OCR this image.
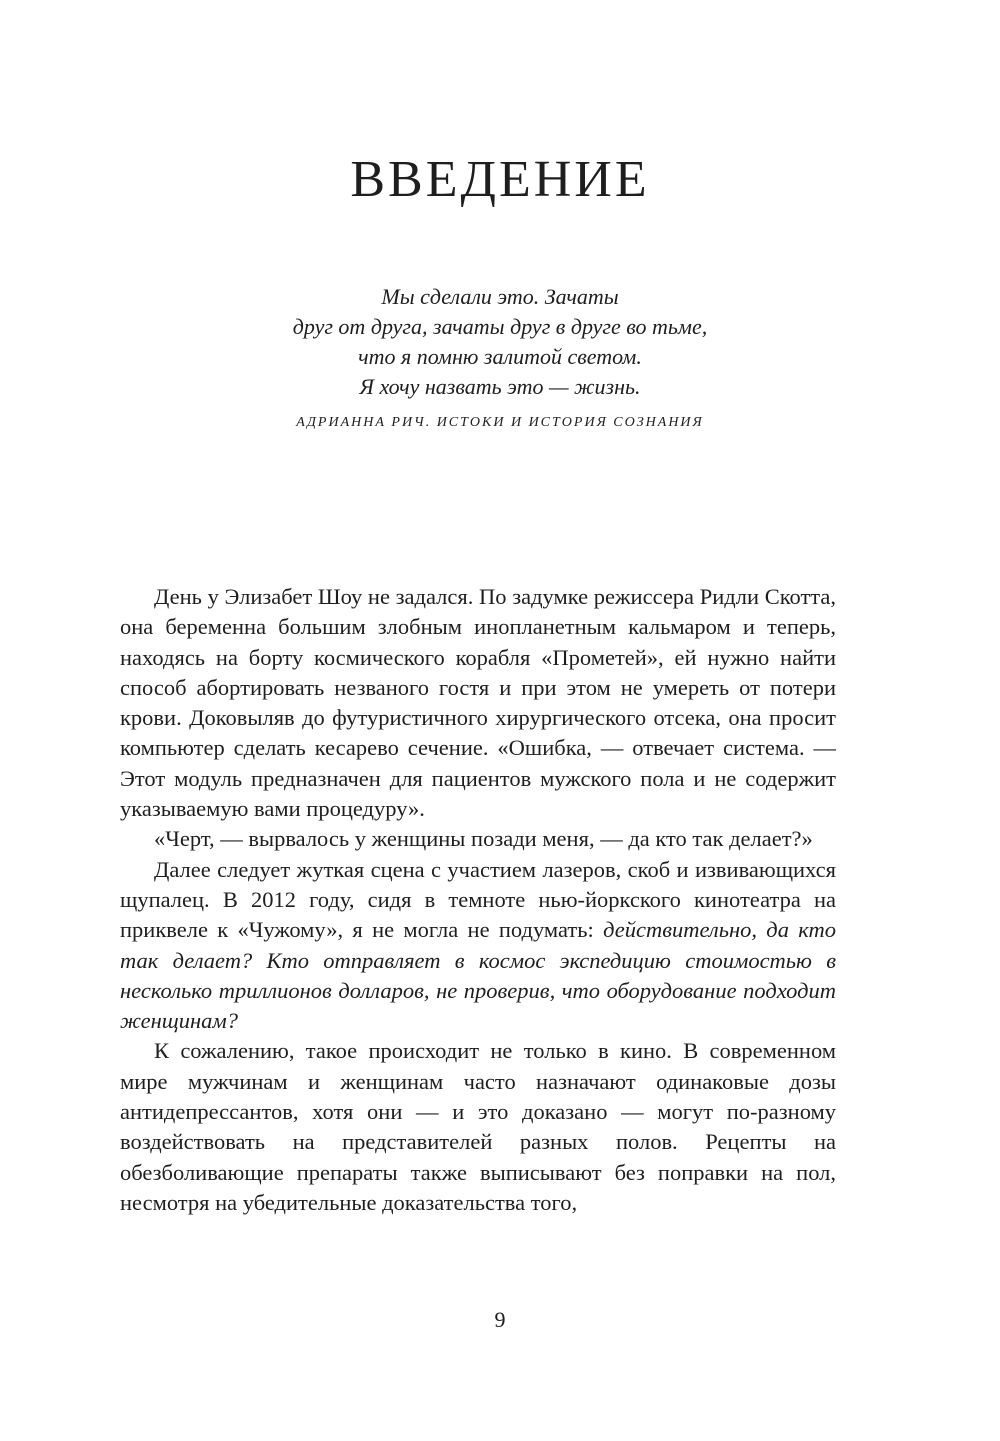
ВВЕДЕНИЕ

Мы сделали это. Зачаты

друг от друга, зачаты друг в друге во тьме,

что я помню залитой светом.

Я хочу назвать это — жизнь.

АДРИАННА РИЧ. ИСТОКИ И ИСТОРИЯ СОЗНАНИЯ

День у Элизабет Шоу не задался. По задумке режиссера Ридли Скотта, она беременна большим злобным инопланетным кальмаром и теперь, находясь на борту космического корабля «Прометей», ей нужно найти способ абортировать незваного гостя и при этом не умереть от потери крови. Доковыляв до футуристичного хирургического отсека, она просит компьютер сделать кесарево сечение. «Ошибка, — отвечает система. — Этот модуль предназначен для пациентов мужского пола и не содержит указываемую вами процедуру».

«Черт, — вырвалось у женщины позади меня, — да кто так делает?»

Далее следует жуткая сцена с участием лазеров, скоб и извивающихся щупалец. В 2012 году, сидя в темноте нью-йоркского кинотеатра на приквеле к «Чужому», я не могла не подумать: действительно, да кто так делает? Кто отправляет в космос экспедицию стоимостью в несколько триллионов долларов, не проверив, что оборудование подходит женщинам?

К сожалению, такое происходит не только в кино. В современном мире мужчинам и женщинам часто назначают одинаковые дозы антидепрессантов, хотя они — и это доказано — могут по-разному воздействовать на представителей разных полов. Рецепты на обезболивающие препараты также выписывают без поправки на пол, несмотря на убедительные доказательства того,

9
